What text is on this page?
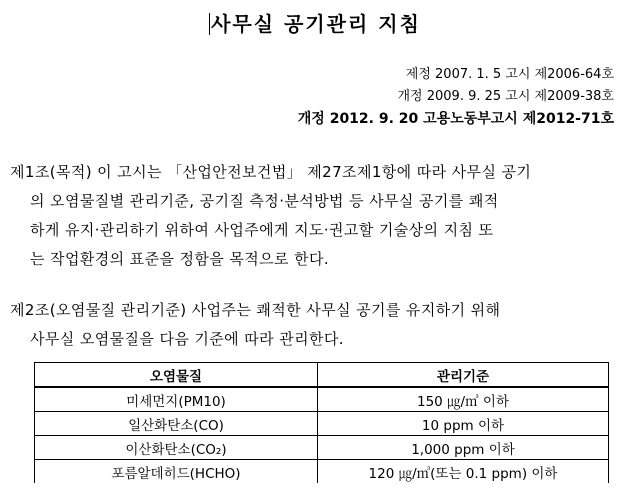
사무실 공기관리 지침
제정 2007. 1. 5 고시 제2006-64호
개정 2009. 9. 25 고시 제2009-38호
개정 2012. 9. 20 고용노동부고시 제2012-71호
제1조(목적) 이 고시는 「산업안전보건법」 제27조제1항에 따라 사무실 공기
의 오염물질별 관리기준, 공기질 측정·분석방법 등 사무실 공기를 쾌적
하게 유지·관리하기 위하여 사업주에게 지도·권고할 기술상의 지침 또
는 작업환경의 표준을 정함을 목적으로 한다.
제2조(오염물질 관리기준) 사업주는 쾌적한 사무실 공기를 유지하기 위해
사무실 오염물질을 다음 기준에 따라 관리한다.
오염물질	관리기준
미세먼지(PM10)	150 ㎍/㎥ 이하
일산화탄소(CO)	10 ppm 이하
이산화탄소(CO₂)	1,000 ppm 이하
포름알데히드(HCHO)	120 ㎍/㎥(또는 0.1 ppm) 이하
